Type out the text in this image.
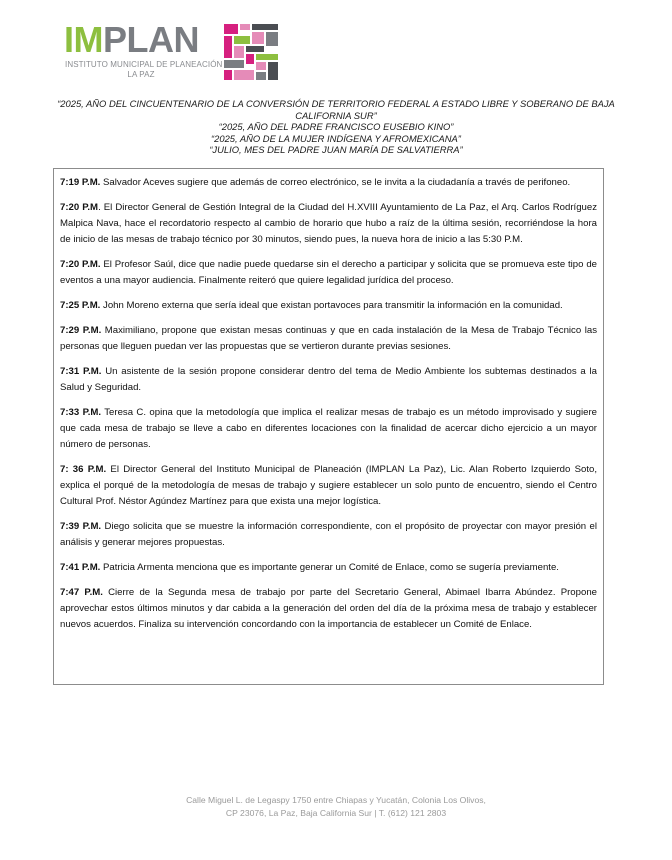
IMPLAN
INSTITUTO MUNICIPAL DE PLANEACIÓN
LA PAZ
“2025, AÑO DEL CINCUENTENARIO DE LA CONVERSIÓN DE TERRITORIO FEDERAL A ESTADO LIBRE Y SOBERANO DE BAJA
CALIFORNIA SUR”
“2025, AÑO DEL PADRE FRANCISCO EUSEBIO KINO”
“2025, AÑO DE LA MUJER INDÍGENA Y AFROMEXICANA”
“JULIO, MES DEL PADRE JUAN MARÍA DE SALVATIERRA”

7:19 P.M. Salvador Aceves sugiere que además de correo electrónico, se le invita a la ciudadanía a través de perifoneo.

7:20 P.M. El Director General de Gestión Integral de la Ciudad del H.XVIII Ayuntamiento de La Paz, el Arq. Carlos Rodríguez Malpica Nava, hace el recordatorio respecto al cambio de horario que hubo a raíz de la última sesión, recorriéndose la hora de inicio de las mesas de trabajo técnico por 30 minutos, siendo pues, la nueva hora de inicio a las 5:30 P.M.

7:20 P.M. El Profesor Saúl, dice que nadie puede quedarse sin el derecho a participar y solicita que se promueva este tipo de eventos a una mayor audiencia. Finalmente reiteró que quiere legalidad jurídica del proceso.

7:25 P.M. John Moreno externa que sería ideal que existan portavoces para transmitir la información en la comunidad.

7:29 P.M. Maximiliano, propone que existan mesas continuas y que en cada instalación de la Mesa de Trabajo Técnico las personas que lleguen puedan ver las propuestas que se vertieron durante previas sesiones.

7:31 P.M. Un asistente de la sesión propone considerar dentro del tema de Medio Ambiente los subtemas destinados a la Salud y Seguridad.

7:33 P.M. Teresa C. opina que la metodología que implica el realizar mesas de trabajo es un método improvisado y sugiere que cada mesa de trabajo se lleve a cabo en diferentes locaciones con la finalidad de acercar dicho ejercicio a un mayor número de personas.

7: 36 P.M. El Director General del Instituto Municipal de Planeación (IMPLAN La Paz), Lic. Alan Roberto Izquierdo Soto, explica el porqué de la metodología de mesas de trabajo y sugiere establecer un solo punto de encuentro, siendo el Centro Cultural Prof. Néstor Agúndez Martínez para que exista una mejor logística.

7:39 P.M. Diego solicita que se muestre la información correspondiente, con el propósito de proyectar con mayor presión el análisis y generar mejores propuestas.

7:41 P.M. Patricia Armenta menciona que es importante generar un Comité de Enlace, como se sugería previamente.

7:47 P.M. Cierre de la Segunda mesa de trabajo por parte del Secretario General, Abimael Ibarra Abúndez. Propone aprovechar estos últimos minutos y dar cabida a la generación del orden del día de la próxima mesa de trabajo y establecer nuevos acuerdos. Finaliza su intervención concordando con la importancia de establecer un Comité de Enlace.

Calle Miguel L. de Legaspy 1750 entre Chiapas y Yucatán, Colonia Los Olivos,
CP 23076, La Paz, Baja California Sur | T. (612) 121 2803
